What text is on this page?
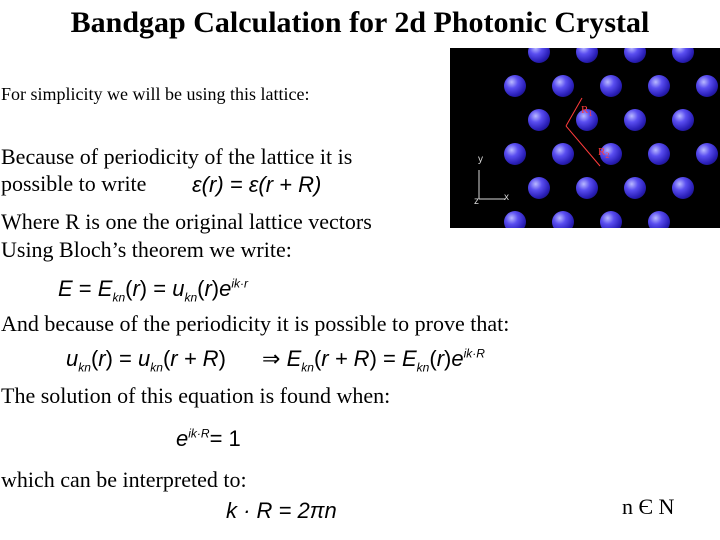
Bandgap Calculation for 2d Photonic Crystal
For simplicity we will be using this lattice:
Because of periodicity of the lattice it is
possible to write ε(r) = ε(r + R)
Where R is one the original lattice vectors
Using Bloch’s theorem we write:
$E = E_{kn}(r) = u_{kn}(r)e^{ik\cdot r}$
And because of the periodicity it is possible to prove that:
$u_{kn}(r) = u_{kn}(r + R)$ ⇒ $E_{kn}(r + R) = E_{kn}(r)e^{ik\cdot R}$
The solution of this equation is found when:
$e^{ik\cdot R}= 1$
which can be interpreted to:
k · R = 2πn	n Є N
$R_1$
$R_2$
y
x
z
